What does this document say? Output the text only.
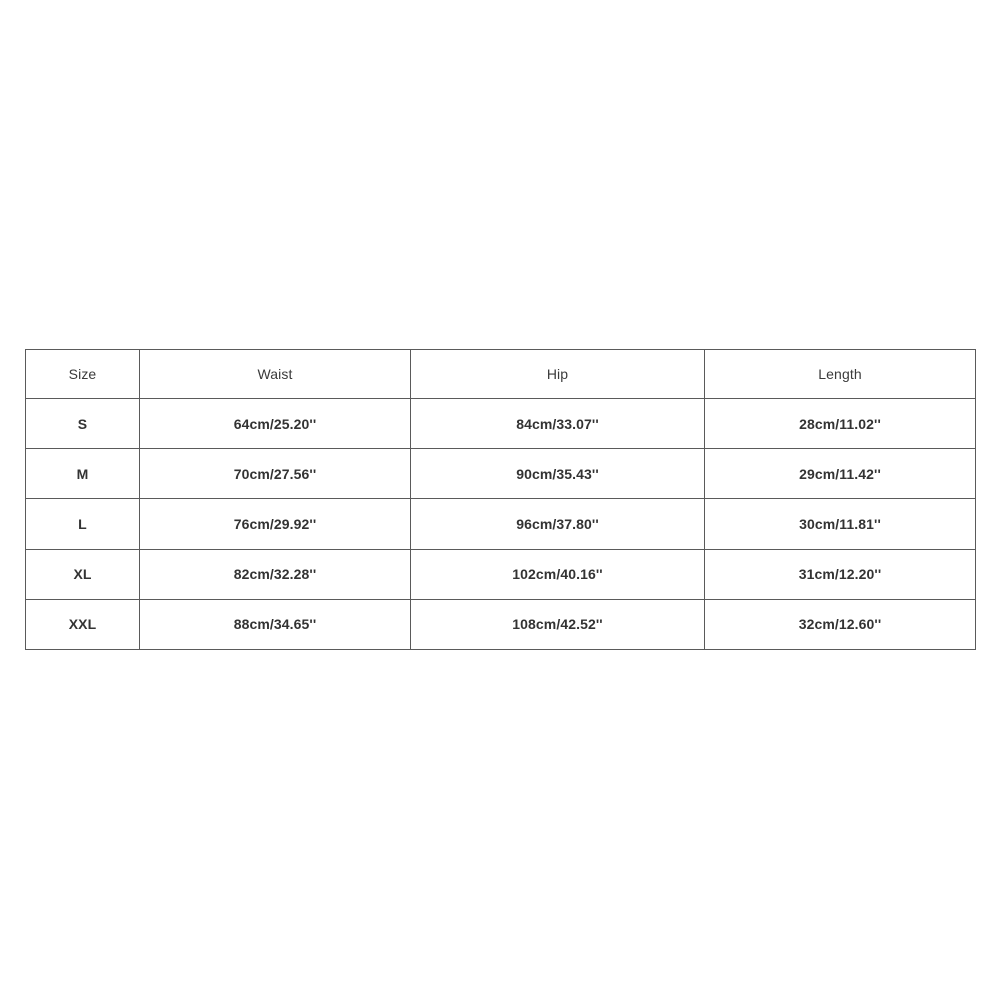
Size	Waist	Hip	Length
S	64cm/25.20''	84cm/33.07''	28cm/11.02''
M	70cm/27.56''	90cm/35.43''	29cm/11.42''
L	76cm/29.92''	96cm/37.80''	30cm/11.81''
XL	82cm/32.28''	102cm/40.16''	31cm/12.20''
XXL	88cm/34.65''	108cm/42.52''	32cm/12.60''
